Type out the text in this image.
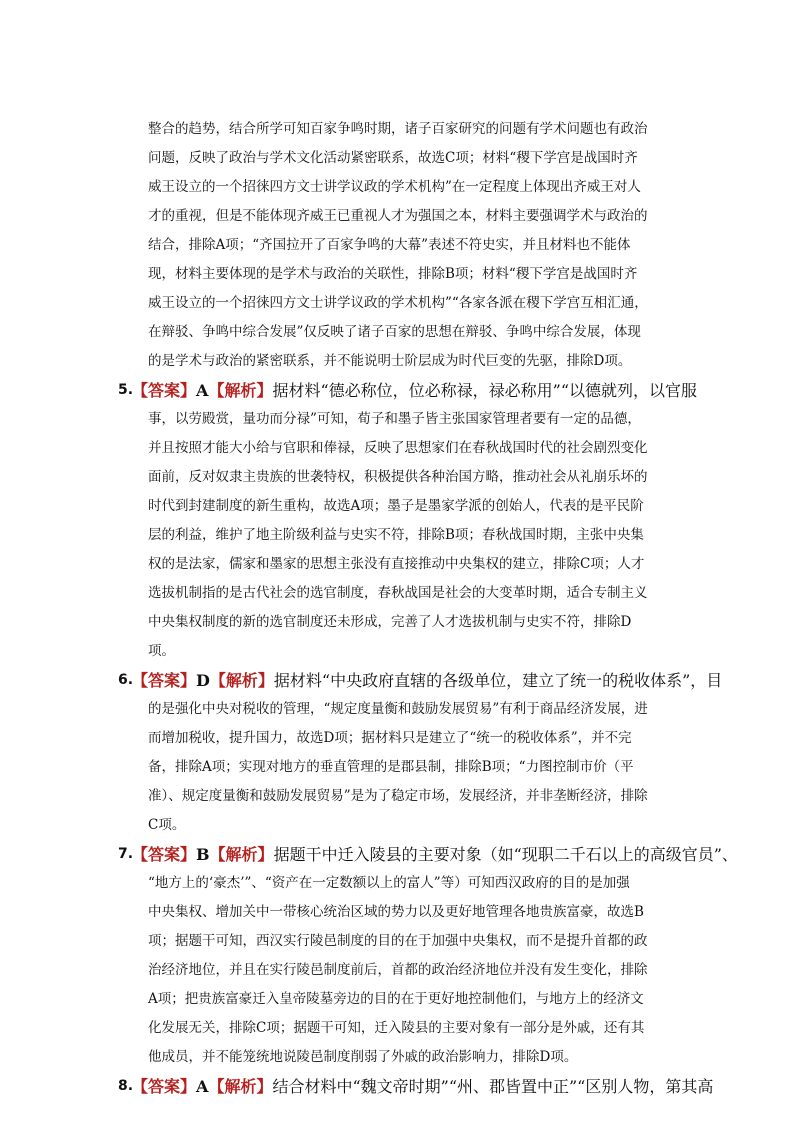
整合的趋势，结合所学可知百家争鸣时期，诸子百家研究的问题有学术问题也有政治
问题，反映了政治与学术文化活动紧密联系，故选C项；材料“稷下学宫是战国时齐
威王设立的一个招徕四方文士讲学议政的学术机构”在一定程度上体现出齐威王对人
才的重视，但是不能体现齐威王已重视人才为强国之本，材料主要强调学术与政治的
结合，排除A项；“齐国拉开了百家争鸣的大幕”表述不符史实，并且材料也不能体
现，材料主要体现的是学术与政治的关联性，排除B项；材料“稷下学宫是战国时齐
威王设立的一个招徕四方文士讲学议政的学术机构”“各家各派在稷下学宫互相汇通，
在辩驳、争鸣中综合发展”仅反映了诸子百家的思想在辩驳、争鸣中综合发展，体现
的是学术与政治的紧密联系，并不能说明士阶层成为时代巨变的先驱，排除D项。
5.
【答案】A【解析】据材料“德必称位，位必称禄，禄必称用”“以德就列，以官服
事，以劳殿赏，量功而分禄”可知，荀子和墨子皆主张国家管理者要有一定的品德，
并且按照才能大小给与官职和俸禄，反映了思想家们在春秋战国时代的社会剧烈变化
面前，反对奴隶主贵族的世袭特权，积极提供各种治国方略，推动社会从礼崩乐坏的
时代到封建制度的新生重构，故选A项；墨子是墨家学派的创始人，代表的是平民阶
层的利益，维护了地主阶级利益与史实不符，排除B项；春秋战国时期，主张中央集
权的是法家，儒家和墨家的思想主张没有直接推动中央集权的建立，排除C项；人才
选拔机制指的是古代社会的选官制度，春秋战国是社会的大变革时期，适合专制主义
中央集权制度的新的选官制度还未形成，完善了人才选拔机制与史实不符，排除D
项。
6.
【答案】D【解析】据材料“中央政府直辖的各级单位，建立了统一的税收体系”，目
的是强化中央对税收的管理，“规定度量衡和鼓励发展贸易”有利于商品经济发展，进
而增加税收，提升国力，故选D项；据材料只是建立了“统一的税收体系”，并不完
备，排除A项；实现对地方的垂直管理的是郡县制，排除B项；“力图控制市价（平
准）、规定度量衡和鼓励发展贸易”是为了稳定市场，发展经济，并非垄断经济，排除
C项。
7.
【答案】B【解析】据题干中迁入陵县的主要对象（如“现职二千石以上的高级官员”、
“地方上的‘豪杰’”、“资产在一定数额以上的富人”等）可知西汉政府的目的是加强
中央集权、增加关中一带核心统治区域的势力以及更好地管理各地贵族富豪，故选B
项；据题干可知，西汉实行陵邑制度的目的在于加强中央集权，而不是提升首都的政
治经济地位，并且在实行陵邑制度前后，首都的政治经济地位并没有发生变化，排除
A项；把贵族富豪迁入皇帝陵墓旁边的目的在于更好地控制他们，与地方上的经济文
化发展无关，排除C项；据题干可知，迁入陵县的主要对象有一部分是外戚，还有其
他成员，并不能笼统地说陵邑制度削弱了外戚的政治影响力，排除D项。
8.
【答案】A【解析】结合材料中“魏文帝时期”“州、郡皆置中正”“区别人物，第其高
